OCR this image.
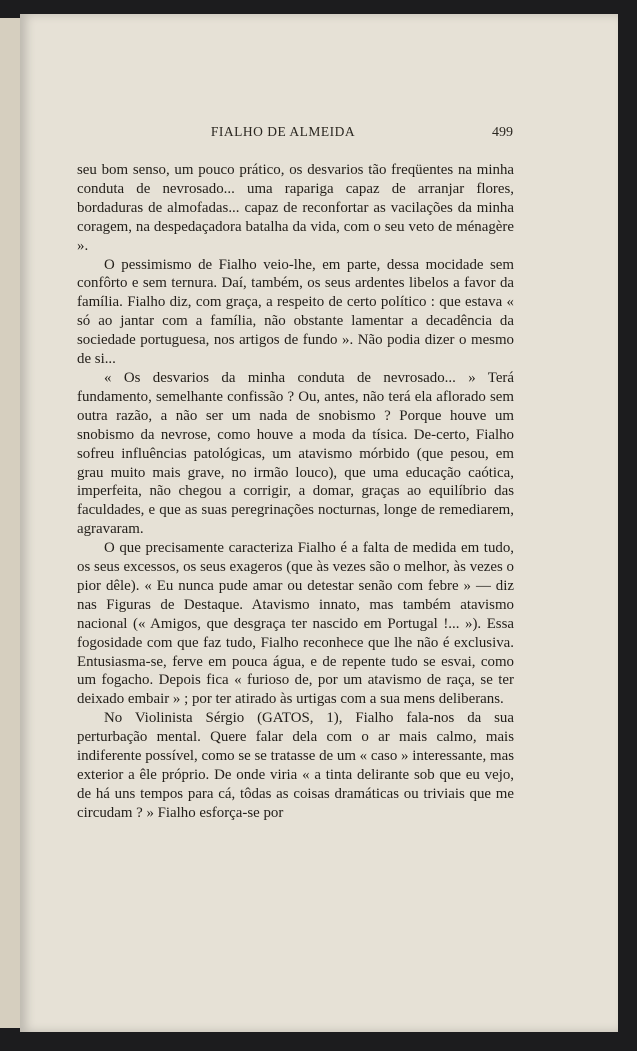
FIALHO DE ALMEIDA	499

seu bom senso, um pouco prático, os desvarios tão freqüentes na minha conduta de nevrosado... uma rapariga capaz de arranjar flores, bordaduras de almofadas... capaz de reconfortar as vacilações da minha coragem, na despedaçadora batalha da vida, com o seu veto de ménagère ».

O pessimismo de Fialho veio-lhe, em parte, dessa mocidade sem confôrto e sem ternura. Daí, também, os seus ardentes libelos a favor da família. Fialho diz, com graça, a respeito de certo político : que estava « só ao jantar com a família, não obstante lamentar a decadência da sociedade portuguesa, nos artigos de fundo ». Não podia dizer o mesmo de si...

« Os desvarios da minha conduta de nevrosado... » Terá fundamento, semelhante confissão ? Ou, antes, não terá ela aflorado sem outra razão, a não ser um nada de snobismo ? Porque houve um snobismo da nevrose, como houve a moda da tísica. De-certo, Fialho sofreu influências patológicas, um atavismo mórbido (que pesou, em grau muito mais grave, no irmão louco), que uma educação caótica, imperfeita, não chegou a corrigir, a domar, graças ao equilíbrio das faculdades, e que as suas peregrinações nocturnas, longe de remediarem, agravaram.

O que precisamente caracteriza Fialho é a falta de medida em tudo, os seus excessos, os seus exageros (que às vezes são o melhor, às vezes o pior dêle). « Eu nunca pude amar ou detestar senão com febre » — diz nas Figuras de Destaque. Atavismo innato, mas também atavismo nacional (« Amigos, que desgraça ter nascido em Portugal !... »). Essa fogosidade com que faz tudo, Fialho reconhece que lhe não é exclusiva. Entusiasma-se, ferve em pouca água, e de repente tudo se esvai, como um fogacho. Depois fica « furioso de, por um atavismo de raça, se ter deixado embair » ; por ter atirado às urtigas com a sua mens deliberans.

No Violinista Sérgio (GATOS, 1), Fialho fala-nos da sua perturbação mental. Quere falar dela com o ar mais calmo, mais indiferente possível, como se se tratasse de um « caso » interessante, mas exterior a êle próprio. De onde viria « a tinta delirante sob que eu vejo, de há uns tempos para cá, tôdas as coisas dramáticas ou triviais que me circudam ? » Fialho esforça-se por
